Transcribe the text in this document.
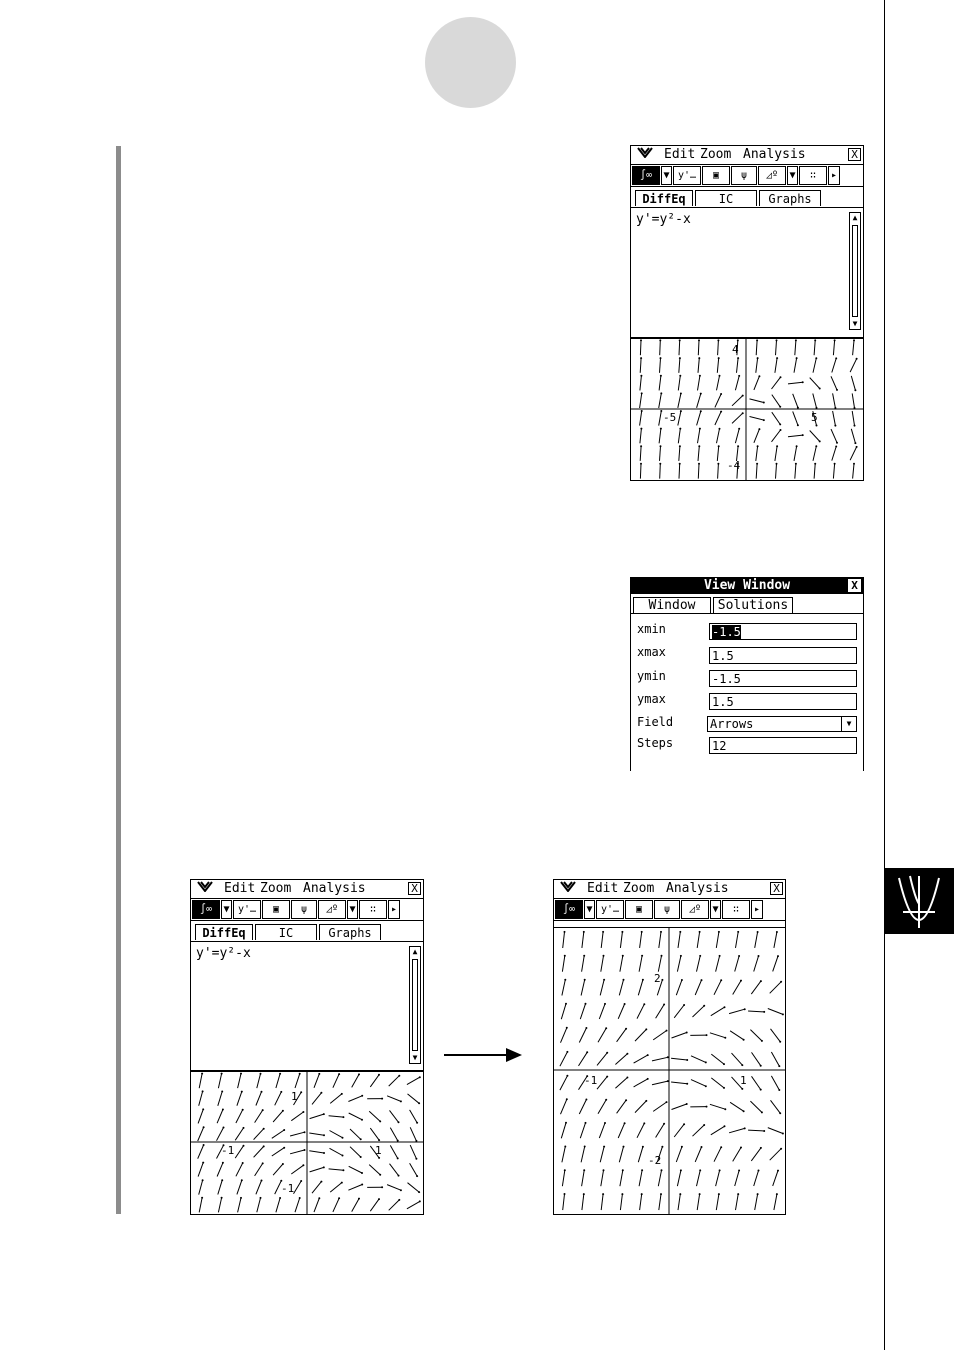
Edit Zoom Analysis	X
∫∞	▼ y'…	▣	ψ	◿º	▼	∷	▸
DiffEq	IC	Graphs
y'=y²-x	▲
▼
4
-5	5
-4
View Window	X
Window	Solutions
xmin	-1.5
xmax	1.5
ymin	-1.5
ymax	1.5
Field	Arrows	▼
Steps	12
Edit Zoom Analysis	X
∫∞	▼ y'…	▣	ψ	◿º	▼	∷	▸
DiffEq	IC	Graphs
y'=y²-x	▲
▼
1
-1	1
-1
Edit Zoom Analysis	X
∫∞	▼ y'…	▣	ψ	◿º	▼	∷	▸
2
-1	1
-2
